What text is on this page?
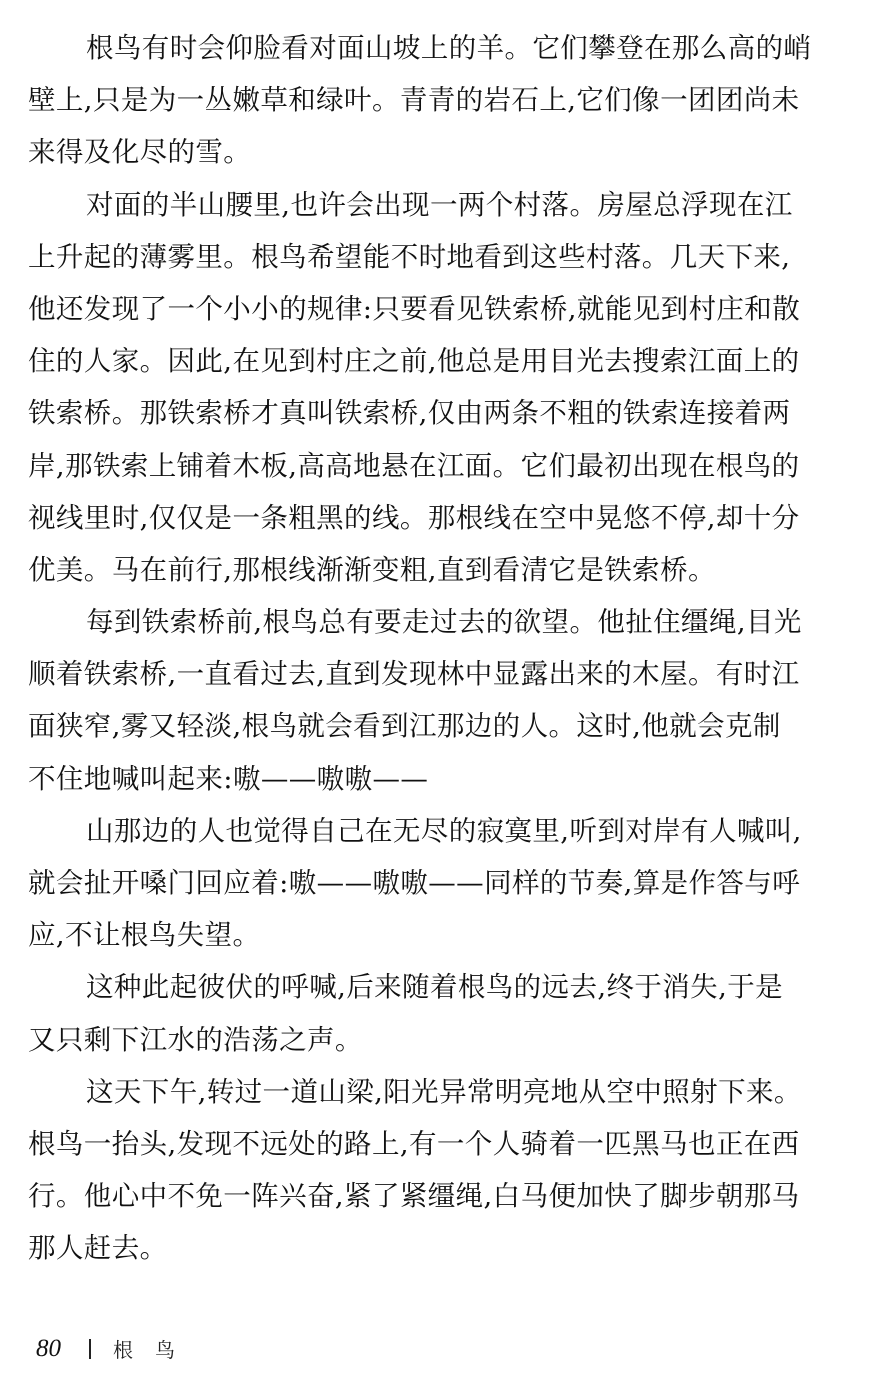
根鸟有时会仰脸看对面山坡上的羊。它们攀登在那么高的峭
壁上,只是为一丛嫩草和绿叶。青青的岩石上,它们像一团团尚未
来得及化尽的雪。
对面的半山腰里,也许会出现一两个村落。房屋总浮现在江
上升起的薄雾里。根鸟希望能不时地看到这些村落。几天下来,
他还发现了一个小小的规律:只要看见铁索桥,就能见到村庄和散
住的人家。因此,在见到村庄之前,他总是用目光去搜索江面上的
铁索桥。那铁索桥才真叫铁索桥,仅由两条不粗的铁索连接着两
岸,那铁索上铺着木板,高高地悬在江面。它们最初出现在根鸟的
视线里时,仅仅是一条粗黑的线。那根线在空中晃悠不停,却十分
优美。马在前行,那根线渐渐变粗,直到看清它是铁索桥。
每到铁索桥前,根鸟总有要走过去的欲望。他扯住缰绳,目光
顺着铁索桥,一直看过去,直到发现林中显露出来的木屋。有时江
面狭窄,雾又轻淡,根鸟就会看到江那边的人。这时,他就会克制
不住地喊叫起来:嗷——嗷嗷——
山那边的人也觉得自己在无尽的寂寞里,听到对岸有人喊叫,
就会扯开嗓门回应着:嗷——嗷嗷——同样的节奏,算是作答与呼
应,不让根鸟失望。
这种此起彼伏的呼喊,后来随着根鸟的远去,终于消失,于是
又只剩下江水的浩荡之声。
这天下午,转过一道山梁,阳光异常明亮地从空中照射下来。
根鸟一抬头,发现不远处的路上,有一个人骑着一匹黑马也正在西
行。他心中不免一阵兴奋,紧了紧缰绳,白马便加快了脚步朝那马
那人赶去。
80	根鸟
